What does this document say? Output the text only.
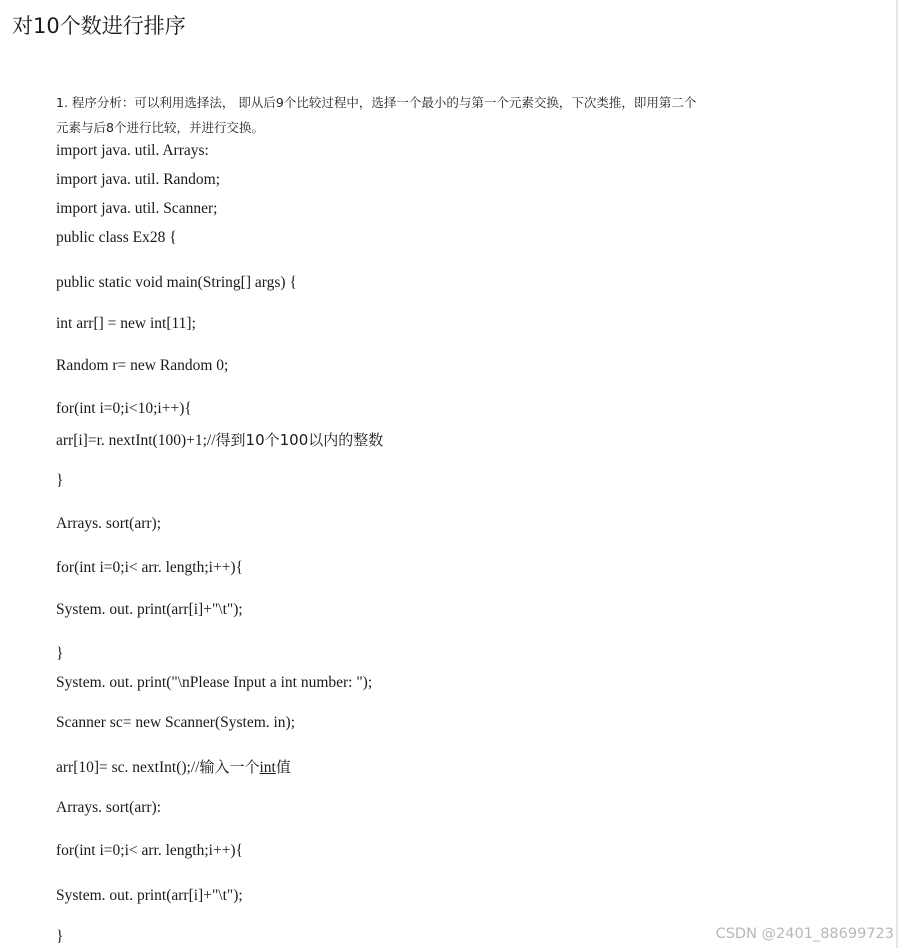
对10个数进行排序
1. 程序分析：可以利用选择法， 即从后9个比较过程中，选择一个最小的与第一个元素交换，下次类推，即用第二个
元素与后8个进行比较，并进行交换。
import java. util. Arrays:
import java. util. Random;
import java. util. Scanner;
public class Ex28 {
public static void main(String[] args) {
int arr[] = new int[11];
Random r= new Random 0;
for(int i=0;i<10;i++){
arr[i]=r. nextInt(100)+1;//得到10个100以内的整数
}
Arrays. sort(arr);
for(int i=0;i< arr. length;i++){
System. out. print(arr[i]+"\t");
}
System. out. print("\nPlease Input a int number: ");
Scanner sc= new Scanner(System. in);
arr[10]= sc. nextInt();//输入一个int值
Arrays. sort(arr):
for(int i=0;i< arr. length;i++){
System. out. print(arr[i]+"\t");
}	CSDN @2401_88699723
